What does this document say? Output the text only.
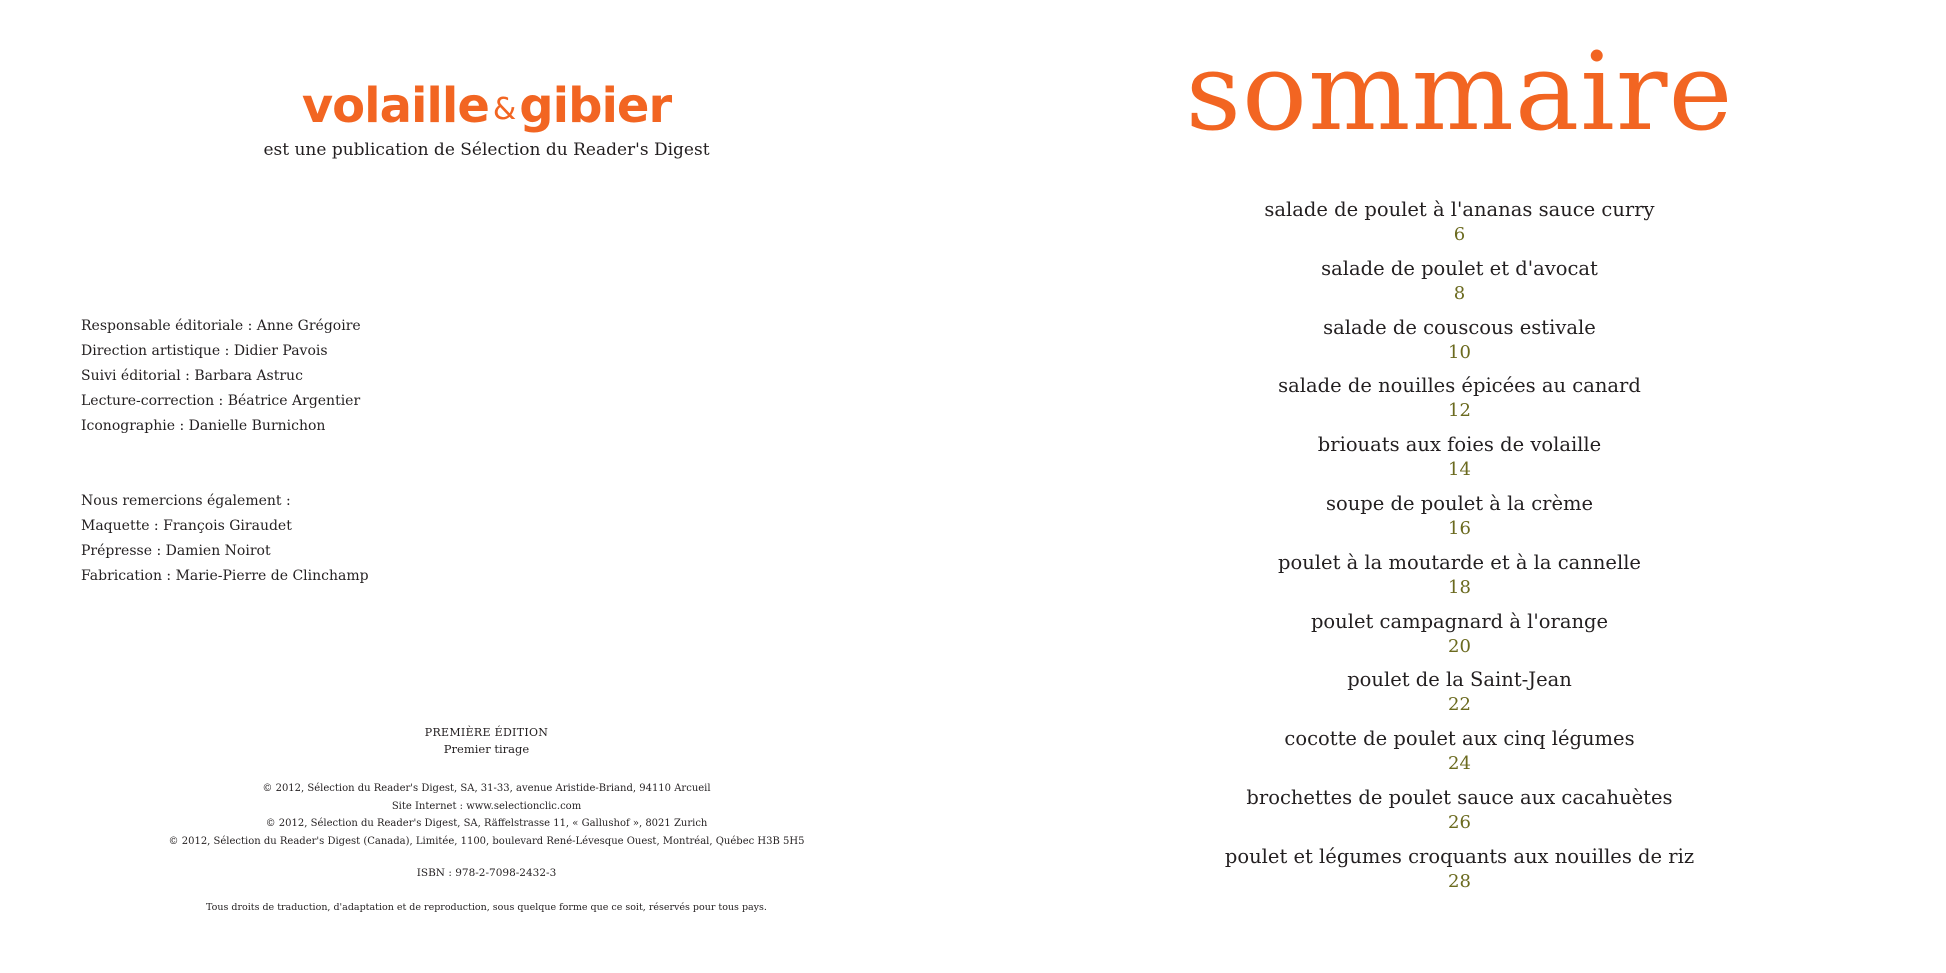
volaille &gibier
est une publication de Sélection du Reader's Digest
Responsable éditoriale : Anne Grégoire
Direction artistique : Didier Pavois
Suivi éditorial : Barbara Astruc
Lecture-correction : Béatrice Argentier
Iconographie : Danielle Burnichon
Nous remercions également :
Maquette : François Giraudet
Prépresse : Damien Noirot
Fabrication : Marie-Pierre de Clinchamp
PREMIÈRE ÉDITION
Premier tirage
© 2012, Sélection du Reader's Digest, SA, 31-33, avenue Aristide-Briand, 94110 Arcueil
Site Internet : www.selectionclic.com
© 2012, Sélection du Reader's Digest, SA, Räffelstrasse 11, « Gallushof », 8021 Zurich
© 2012, Sélection du Reader's Digest (Canada), Limitée, 1100, boulevard René-Lévesque Ouest, Montréal, Québec H3B 5H5
ISBN : 978-2-7098-2432-3
Tous droits de traduction, d'adaptation et de reproduction, sous quelque forme que ce soit, réservés pour tous pays.
sommaire
salade de poulet à l'ananas sauce curry
6
salade de poulet et d'avocat
8
salade de couscous estivale
10
salade de nouilles épicées au canard
12
briouats aux foies de volaille
14
soupe de poulet à la crème
16
poulet à la moutarde et à la cannelle
18
poulet campagnard à l'orange
20
poulet de la Saint-Jean
22
cocotte de poulet aux cinq légumes
24
brochettes de poulet sauce aux cacahuètes
26
poulet et légumes croquants aux nouilles de riz
28
